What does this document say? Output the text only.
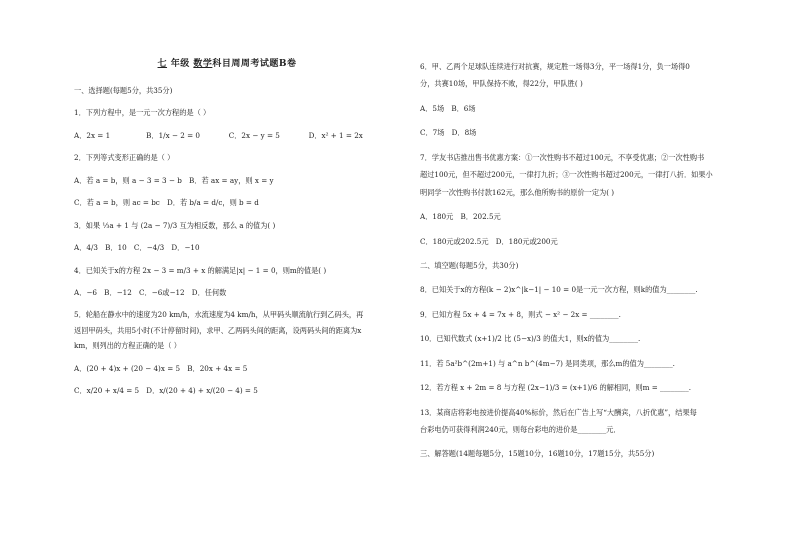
七 年级 数学科目周周考试题B卷

一、选择题(每题5分，共35分)

1．下列方程中，是一元一次方程的是（ ）

A．2x = 1　　　　　B．1/x − 2 = 0　　　　C．2x − y = 5　　　　D．x² + 1 = 2x

2．下列等式变形正确的是（ ）

A．若 a = b，则 a − 3 = 3 − b　B．若 ax = ay，则 x = y

C．若 a = b，则 ac = bc　D．若 b/a = d/c，则 b = d

3．如果 ⅓a + 1 与 (2a − 7)/3 互为相反数，那么 a 的值为( )

A．4/3　B．10　C．−4/3　D．−10

4．已知关于x的方程 2x − 3 = m/3 + x 的解满足|x| − 1 = 0，则m的值是( )

A．−6　B．−12　C．−6或−12　D．任何数

5．轮船在静水中的速度为20 km/h，水流速度为4 km/h，从甲码头顺流航行到乙码头，再

返回甲码头，共用5小时(不计停留时间)，求甲、乙两码头间的距离，设两码头间的距离为x

km，则列出的方程正确的是（ ）

A．(20 + 4)x + (20 − 4)x = 5　B．20x + 4x = 5

C．x/20 + x/4 = 5　D．x/(20 + 4) + x/(20 − 4) = 5

6．甲、乙两个足球队连续进行对抗赛，规定胜一场得3分，平一场得1分，负一场得0

分，共赛10场，甲队保持不败，得22分，甲队胜( )

A．5场　B．6场

C．7场　D．8场

7．学友书店推出售书优惠方案：①一次性购书不超过100元，不享受优惠；②一次性购书

超过100元，但不超过200元，一律打九折；③一次性购书超过200元，一律打八折．如果小

明同学一次性购书付款162元，那么他所购书的原价一定为( )

A．180元　B．202.5元

C．180元或202.5元　D．180元或200元

二、填空题(每题5分，共30分)

8．已知关于x的方程(k − 2)x^|k−1| − 10 = 0是一元一次方程，则k的值为________.

9．已知方程 5x + 4 = 7x + 8，则式 − x² − 2x = ________.

10．已知代数式 (x+1)/2 比 (5−x)/3 的值大1，则x的值为________.

11．若 5a²b^(2m+1) 与 a^n b^(4m−7) 是同类项，那么m的值为________.

12．若方程 x + 2m = 8 与方程 (2x−1)/3 = (x+1)/6 的解相同，则m = ________.

13．某商店将彩电按进价提高40%标价，然后在广告上写“大酬宾，八折优惠”，结果每

台彩电仍可获得利润240元，则每台彩电的进价是________元．

三、解答题(14题每题5分，15题10分，16题10分，17题15分，共55分)
